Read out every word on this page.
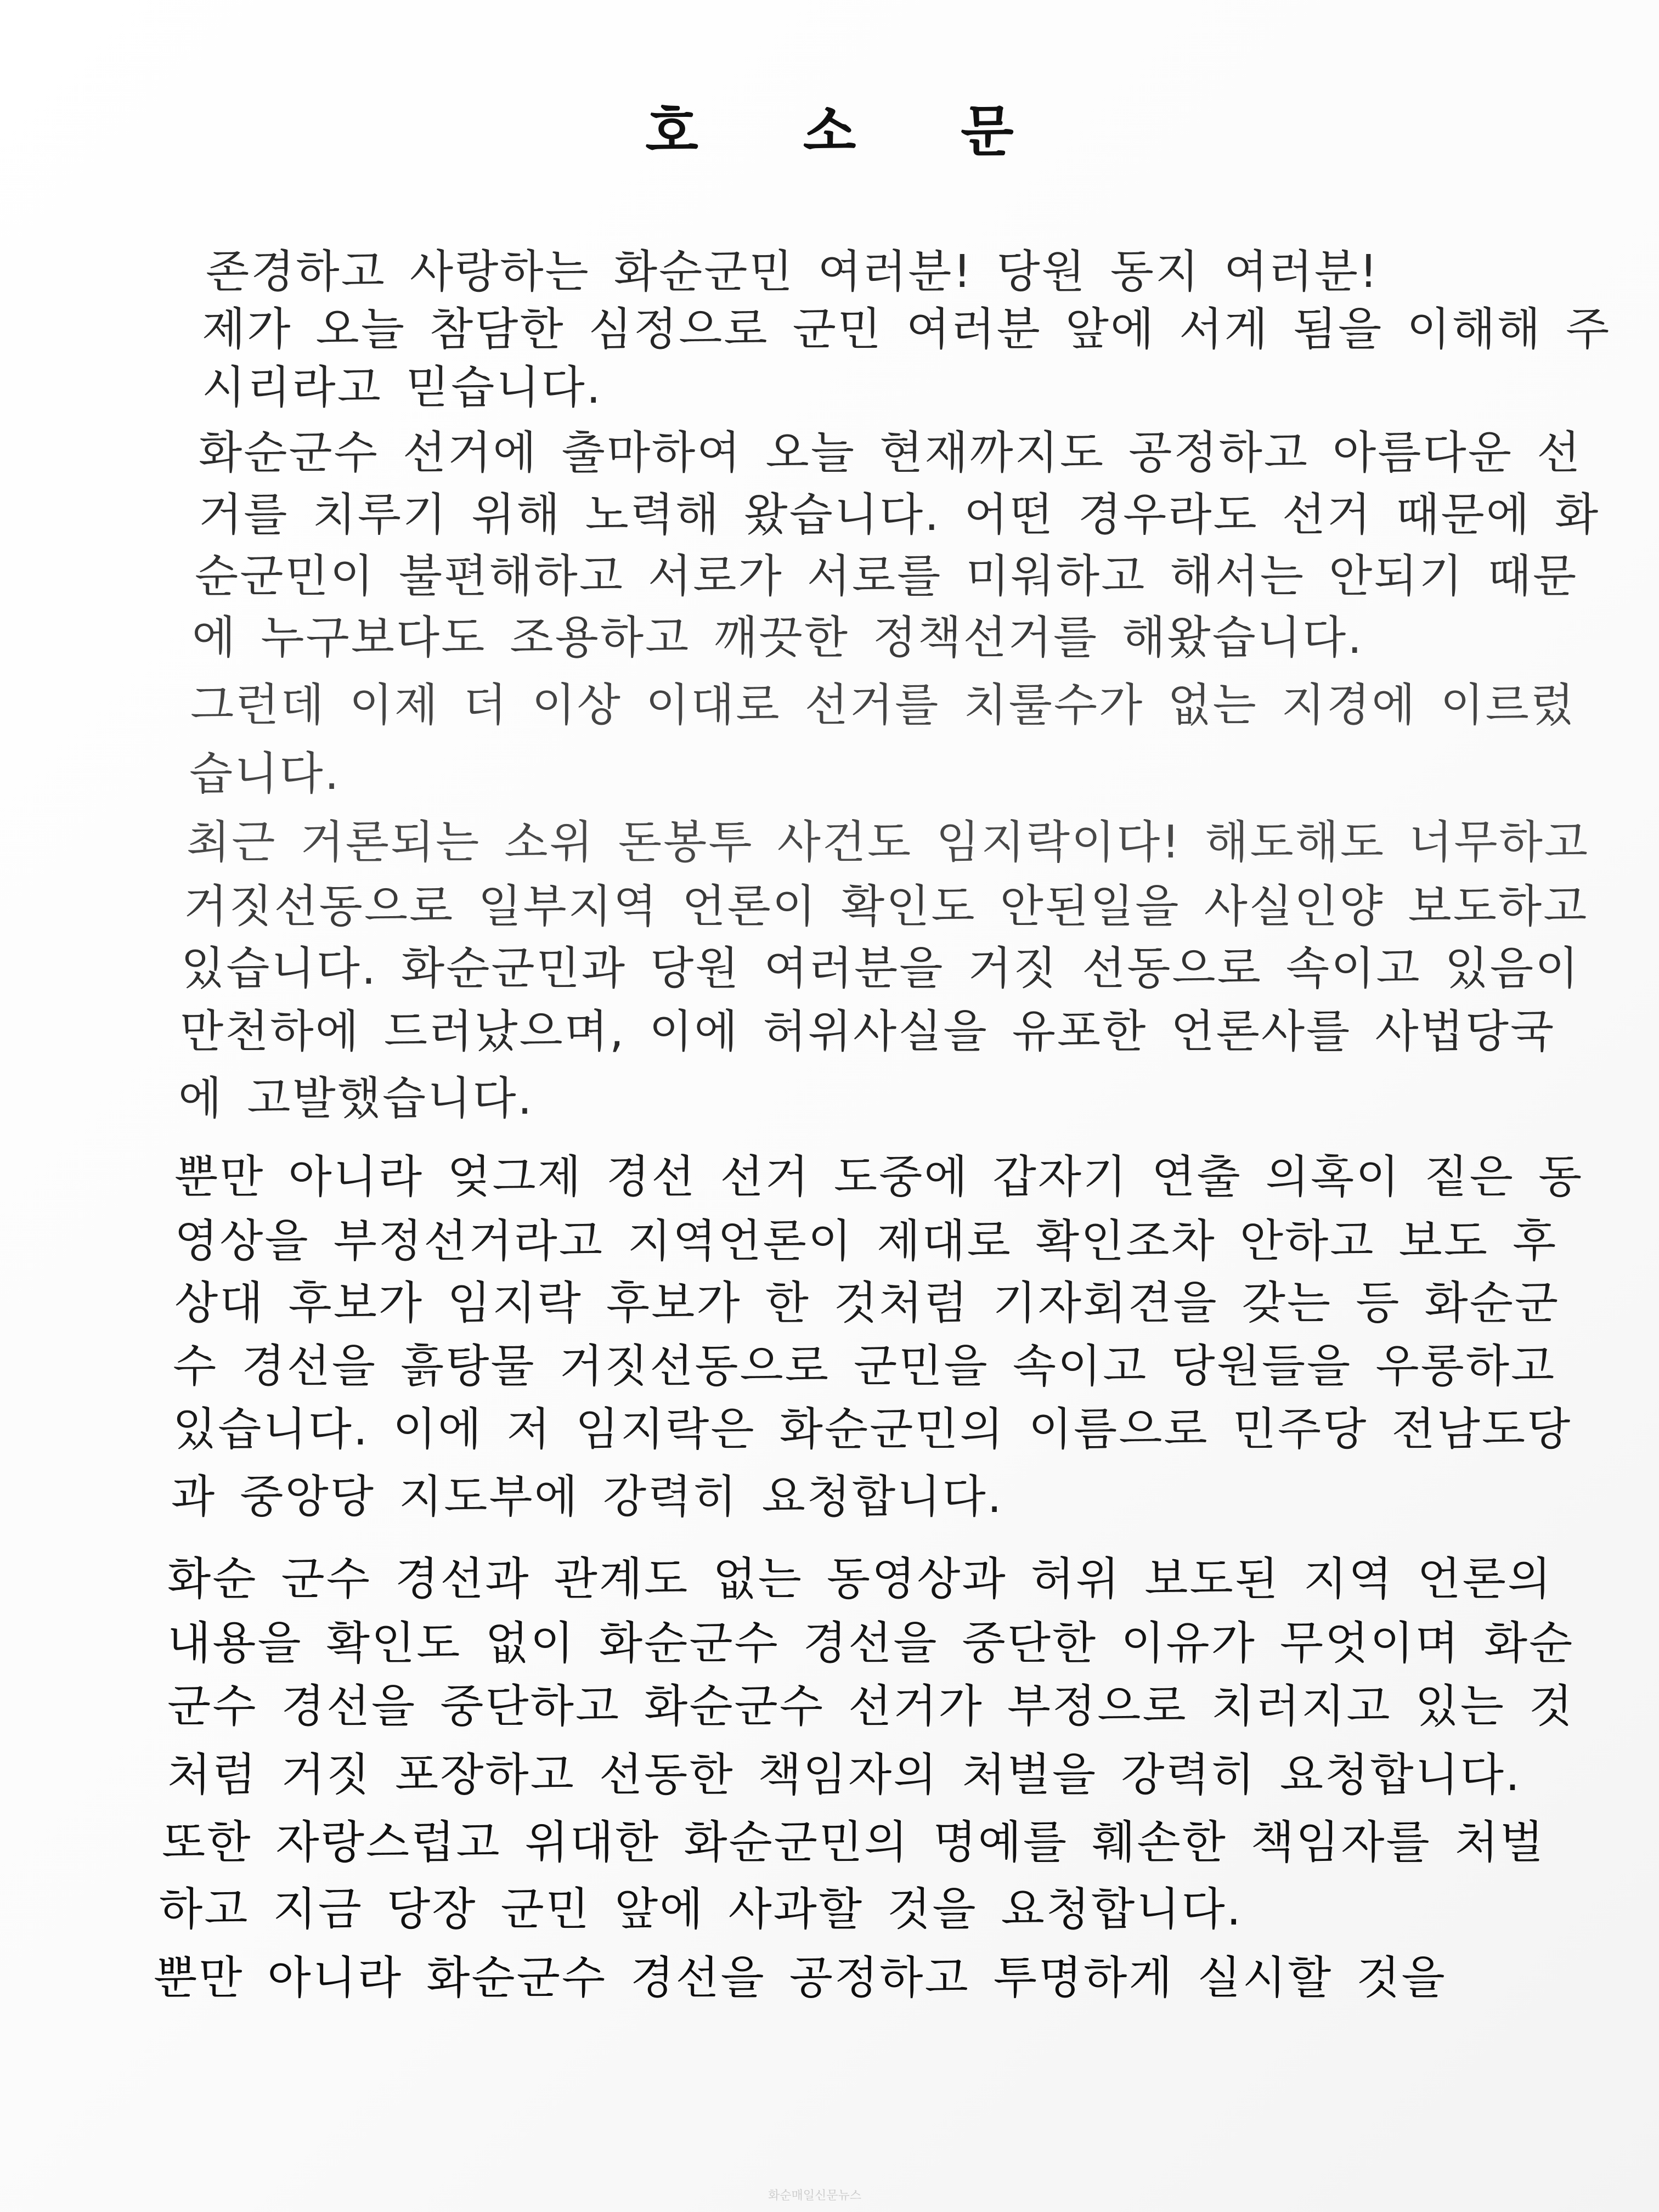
호 소 문

존경하고 사랑하는 화순군민 여러분! 당원 동지 여러분!

제가 오늘 참담한 심정으로 군민 여러분 앞에 서게 됨을 이해해 주

시리라고 믿습니다.

화순군수 선거에 출마하여 오늘 현재까지도 공정하고 아름다운 선

거를 치루기 위해 노력해 왔습니다. 어떤 경우라도 선거 때문에 화

순군민이 불편해하고 서로가 서로를 미워하고 해서는 안되기 때문

에 누구보다도 조용하고 깨끗한 정책선거를 해왔습니다.

그런데 이제 더 이상 이대로 선거를 치룰수가 없는 지경에 이르렀

습니다.

최근 거론되는 소위 돈봉투 사건도 임지락이다! 해도해도 너무하고

거짓선동으로 일부지역 언론이 확인도 안된일을 사실인양 보도하고

있습니다. 화순군민과 당원 여러분을 거짓 선동으로 속이고 있음이

만천하에 드러났으며, 이에 허위사실을 유포한 언론사를 사법당국

에 고발했습니다.

뿐만 아니라 엊그제 경선 선거 도중에 갑자기 연출 의혹이 짙은 동

영상을 부정선거라고 지역언론이 제대로 확인조차 안하고 보도 후

상대 후보가 임지락 후보가 한 것처럼 기자회견을 갖는 등 화순군

수 경선을 흙탕물 거짓선동으로 군민을 속이고 당원들을 우롱하고

있습니다. 이에 저 임지락은 화순군민의 이름으로 민주당 전남도당

과 중앙당 지도부에 강력히 요청합니다.

화순 군수 경선과 관계도 없는 동영상과 허위 보도된 지역 언론의

내용을 확인도 없이 화순군수 경선을 중단한 이유가 무엇이며 화순

군수 경선을 중단하고 화순군수 선거가 부정으로 치러지고 있는 것

처럼 거짓 포장하고 선동한 책임자의 처벌을 강력히 요청합니다.

또한 자랑스럽고 위대한 화순군민의 명예를 훼손한 책임자를 처벌

하고 지금 당장 군민 앞에 사과할 것을 요청합니다.

뿐만 아니라 화순군수 경선을 공정하고 투명하게 실시할 것을

화순매일신문뉴스
